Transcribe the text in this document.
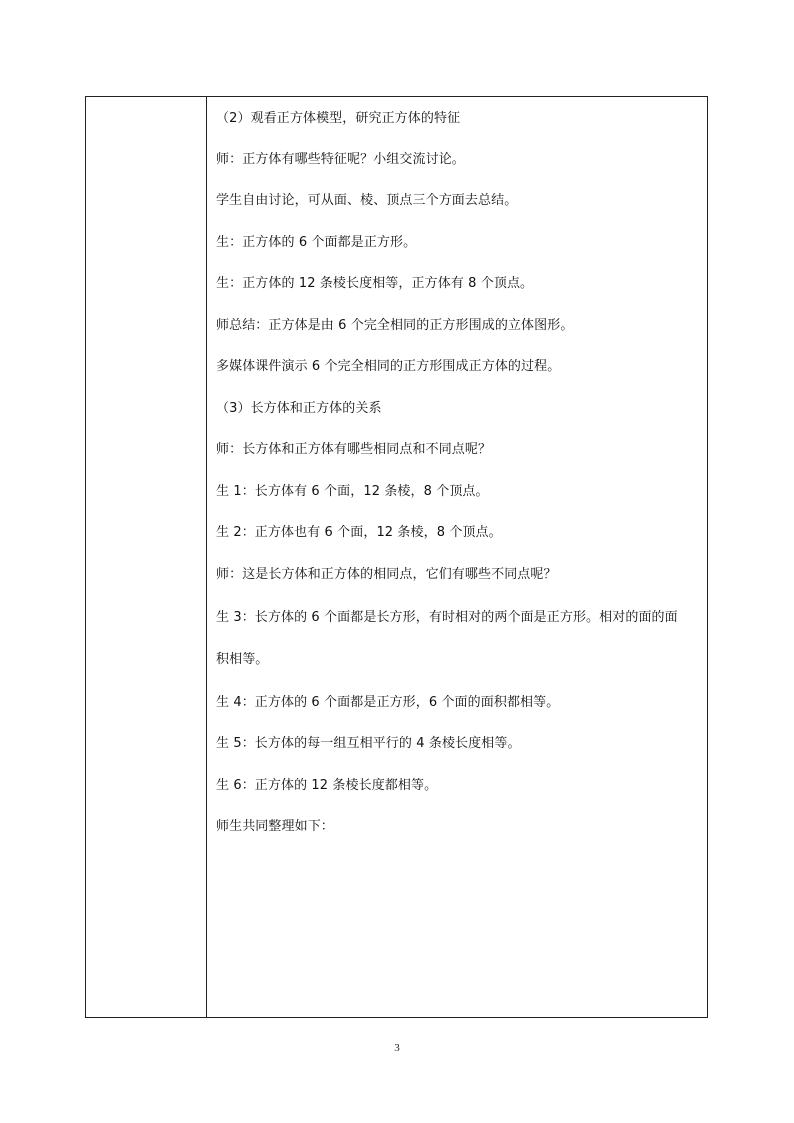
（2）观看正方体模型，研究正方体的特征

师：正方体有哪些特征呢？小组交流讨论。

学生自由讨论，可从面、棱、顶点三个方面去总结。

生：正方体的 6 个面都是正方形。

生：正方体的 12 条棱长度相等，正方体有 8 个顶点。

师总结：正方体是由 6 个完全相同的正方形围成的立体图形。

多媒体课件演示 6 个完全相同的正方形围成正方体的过程。

（3）长方体和正方体的关系

师：长方体和正方体有哪些相同点和不同点呢？

生 1：长方体有 6 个面，12 条棱，8 个顶点。

生 2：正方体也有 6 个面，12 条棱，8 个顶点。

师：这是长方体和正方体的相同点，它们有哪些不同点呢？

生 3：长方体的 6 个面都是长方形，有时相对的两个面是正方形。相对的面的面

积相等。

生 4：正方体的 6 个面都是正方形，6 个面的面积都相等。

生 5：长方体的每一组互相平行的 4 条棱长度相等。

生 6：正方体的 12 条棱长度都相等。

师生共同整理如下：

3
